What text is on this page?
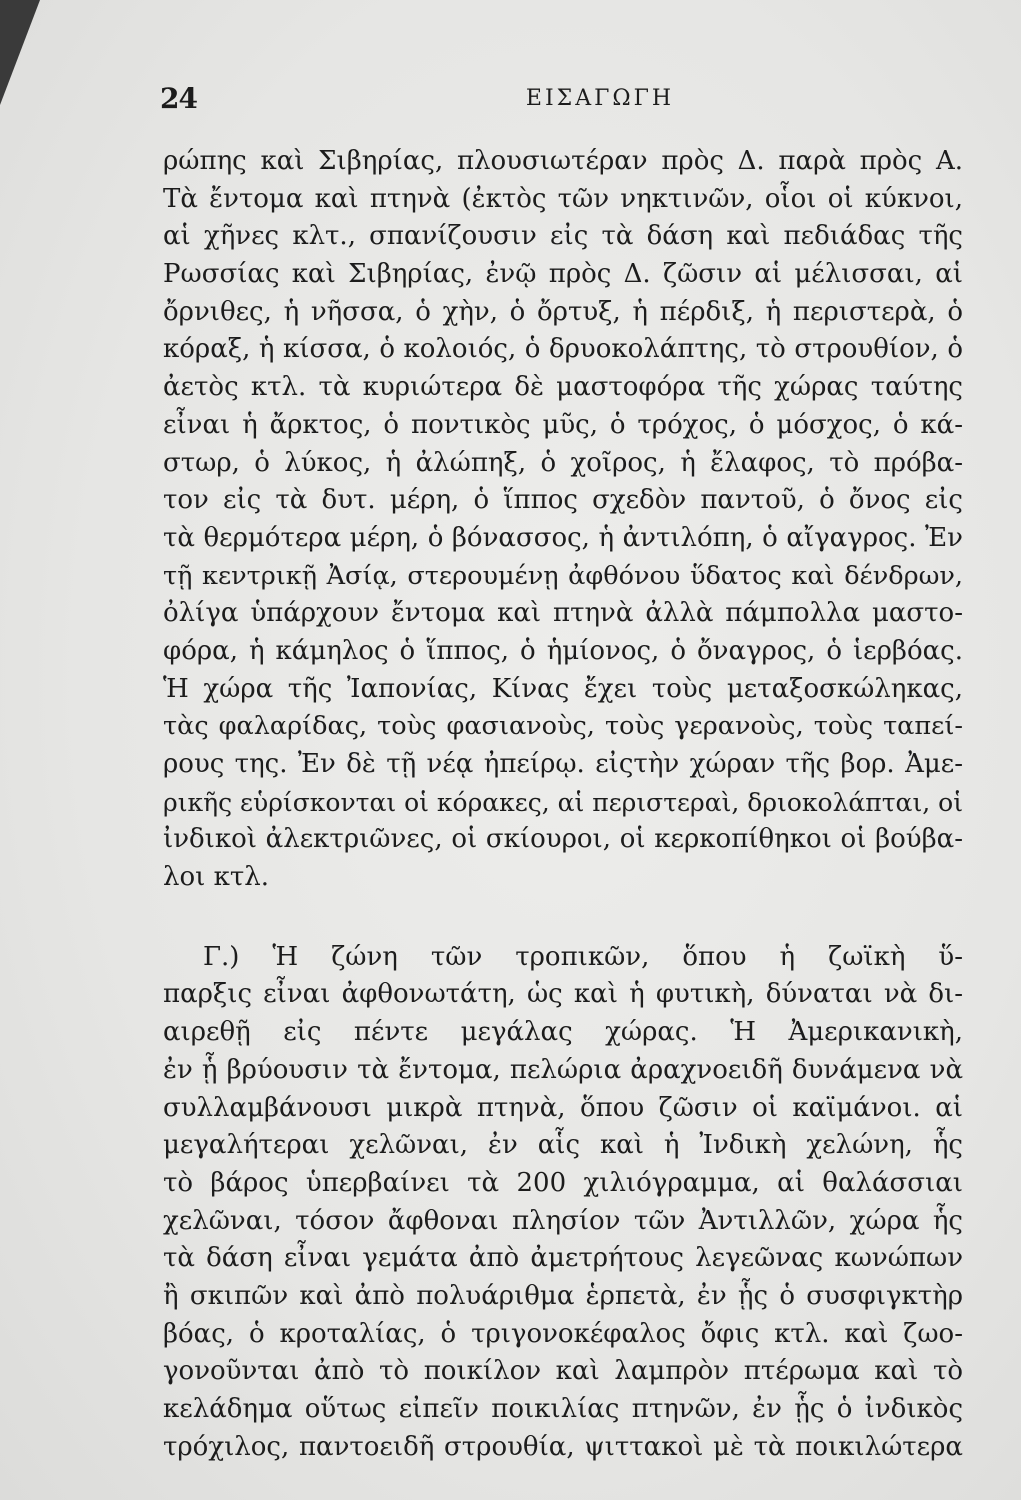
24	ΕΙΣΑΓΩΓΗ
ρώπης καὶ Σιβηρίας, πλουσιωτέραν πρὸς Δ. παρὰ πρὸς Α.
Τὰ ἔντομα καὶ πτηνὰ (ἐκτὸς τῶν νηκτινῶν, οἷοι οἱ κύκνοι,
αἱ χῆνες κλτ., σπανίζουσιν εἰς τὰ δάση καὶ πεδιάδας τῆς
Ρωσσίας καὶ Σιβηρίας, ἐνῷ πρὸς Δ. ζῶσιν αἱ μέλισσαι, αἱ
ὄρνιθες, ἡ νῆσσα, ὁ χὴν, ὁ ὄρτυξ, ἡ πέρδιξ, ἡ περιστερὰ, ὁ
κόραξ, ἡ κίσσα, ὁ κολοιός, ὁ δρυοκολάπτης, τὸ στρουθίον, ὁ
ἀετὸς κτλ. τὰ κυριώτερα δὲ μαστοφόρα τῆς χώρας ταύτης
εἶναι ἡ ἄρκτος, ὁ ποντικὸς μῦς, ὁ τρόχος, ὁ μόσχος, ὁ κά-
στωρ, ὁ λύκος, ἡ ἀλώπηξ, ὁ χοῖρος, ἡ ἔλαφος, τὸ πρόβα-
τον εἰς τὰ δυτ. μέρη, ὁ ἵππος σχεδὸν παντοῦ, ὁ ὄνος εἰς
τὰ θερμότερα μέρη, ὁ βόνασσος, ἡ ἀντιλόπη, ὁ αἴγαγρος. Ἐν
τῇ κεντρικῇ Ἀσίᾳ, στερουμένῃ ἀφθόνου ὕδατος καὶ δένδρων,
ὀλίγα ὑπάρχουν ἔντομα καὶ πτηνὰ ἀλλὰ πάμπολλα μαστο-
φόρα, ἡ κάμηλος ὁ ἵππος, ὁ ἡμίονος, ὁ ὄναγρος, ὁ ἱερβόας.
Ἡ χώρα τῆς Ἰαπονίας, Κίνας ἔχει τοὺς μεταξοσκώληκας,
τὰς φαλαρίδας, τοὺς φασιανοὺς, τοὺς γερανοὺς, τοὺς ταπεί-
ρους της. Ἐν δὲ τῇ νέᾳ ἠπείρῳ. εἰςτὴν χώραν τῆς βορ. Ἀμε-
ρικῆς εὑρίσκονται οἱ κόρακες, αἱ περιστεραὶ, δριοκολάπται, οἱ
ἰνδικοὶ ἀλεκτριῶνες, οἱ σκίουροι, οἱ κερκοπίθηκοι οἱ βούβα-
λοι κτλ.
Γ.) Ἡ ζώνη τῶν τροπικῶν, ὅπου ἡ ζωϊκὴ ὕ-
παρξις εἶναι ἀφθονωτάτη, ὡς καὶ ἡ φυτικὴ, δύναται νὰ δι-
αιρεθῇ εἰς πέντε μεγάλας χώρας. Ἡ Ἀμερικανικὴ,
ἐν ᾗ βρύουσιν τὰ ἔντομα, πελώρια ἀραχνοειδῆ δυνάμενα νὰ
συλλαμβάνουσι μικρὰ πτηνὰ, ὅπου ζῶσιν οἱ καϊμάνοι. αἱ
μεγαλήτεραι χελῶναι, ἐν αἷς καὶ ἡ Ἰνδικὴ χελώνη, ἧς
τὸ βάρος ὑπερβαίνει τὰ 200 χιλιόγραμμα, αἱ θαλάσσιαι
χελῶναι, τόσον ἄφθοναι πλησίον τῶν Ἀντιλλῶν, χώρα ἧς
τὰ δάση εἶναι γεμάτα ἀπὸ ἀμετρήτους λεγεῶνας κωνώπων
ἢ σκιπῶν καὶ ἀπὸ πολυάριθμα ἑρπετὰ, ἐν ᾗς ὁ συσφιγκτὴρ
βόας, ὁ κροταλίας, ὁ τριγονοκέφαλος ὄφις κτλ. καὶ ζωο-
γονοῦνται ἀπὸ τὸ ποικίλον καὶ λαμπρὸν πτέρωμα καὶ τὸ
κελάδημα οὕτως εἰπεῖν ποικιλίας πτηνῶν, ἐν ᾗς ὁ ἰνδικὸς
τρόχιλος, παντοειδῆ στρουθία, ψιττακοὶ μὲ τὰ ποικιλώτερα
